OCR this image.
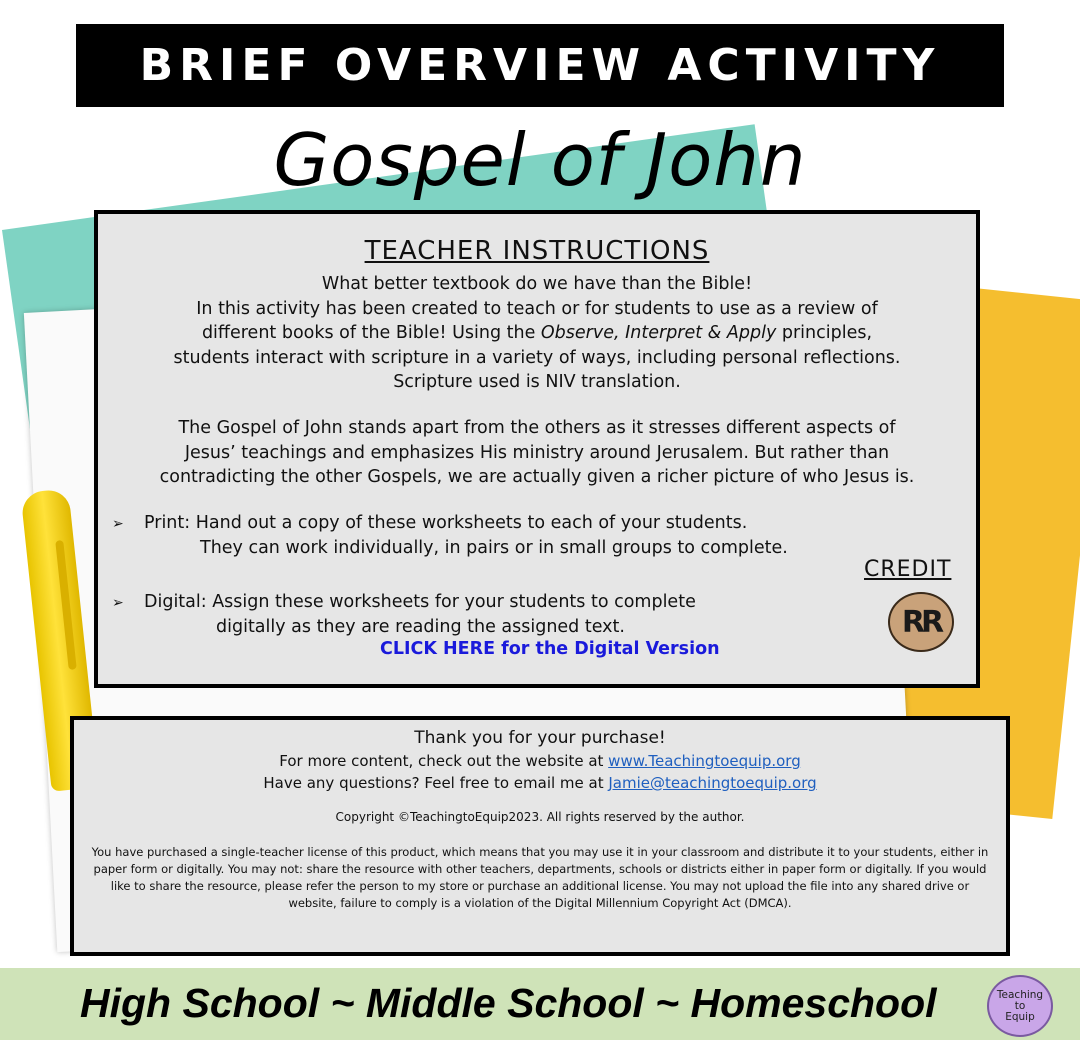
BRIEF OVERVIEW ACTIVITY
Gospel of John
TEACHER INSTRUCTIONS
What better textbook do we have than the Bible!
In this activity has been created to teach or for students to use as a review of
different books of the Bible! Using the Observe, Interpret & Apply principles,
students interact with scripture in a variety of ways, including personal reflections.
Scripture used is NIV translation.
The Gospel of John stands apart from the others as it stresses different aspects of
Jesus’ teachings and emphasizes His ministry around Jerusalem. But rather than
contradicting the other Gospels, we are actually given a richer picture of who Jesus is.
➢ Print: Hand out a copy of these worksheets to each of your students.
They can work individually, in pairs or in small groups to complete.
➢ Digital: Assign these worksheets for your students to complete
digitally as they are reading the assigned text.
CLICK HERE for the Digital Version
CREDIT
RR
Thank you for your purchase!
For more content, check out the website at www.Teachingtoequip.org
Have any questions? Feel free to email me at Jamie@teachingtoequip.org
Copyright ©TeachingtoEquip2023. All rights reserved by the author.
You have purchased a single-teacher license of this product, which means that you may use it in your classroom and distribute it to your students, either in paper form or digitally. You may not: share the resource with other teachers, departments, schools or districts either in paper form or digitally. If you would like to share the resource, please refer the person to my store or purchase an additional license. You may not upload the file into any shared drive or website, failure to comply is a violation of the Digital Millennium Copyright Act (DMCA).
High School ~ Middle School ~ Homeschool	Teaching
to
Equip
